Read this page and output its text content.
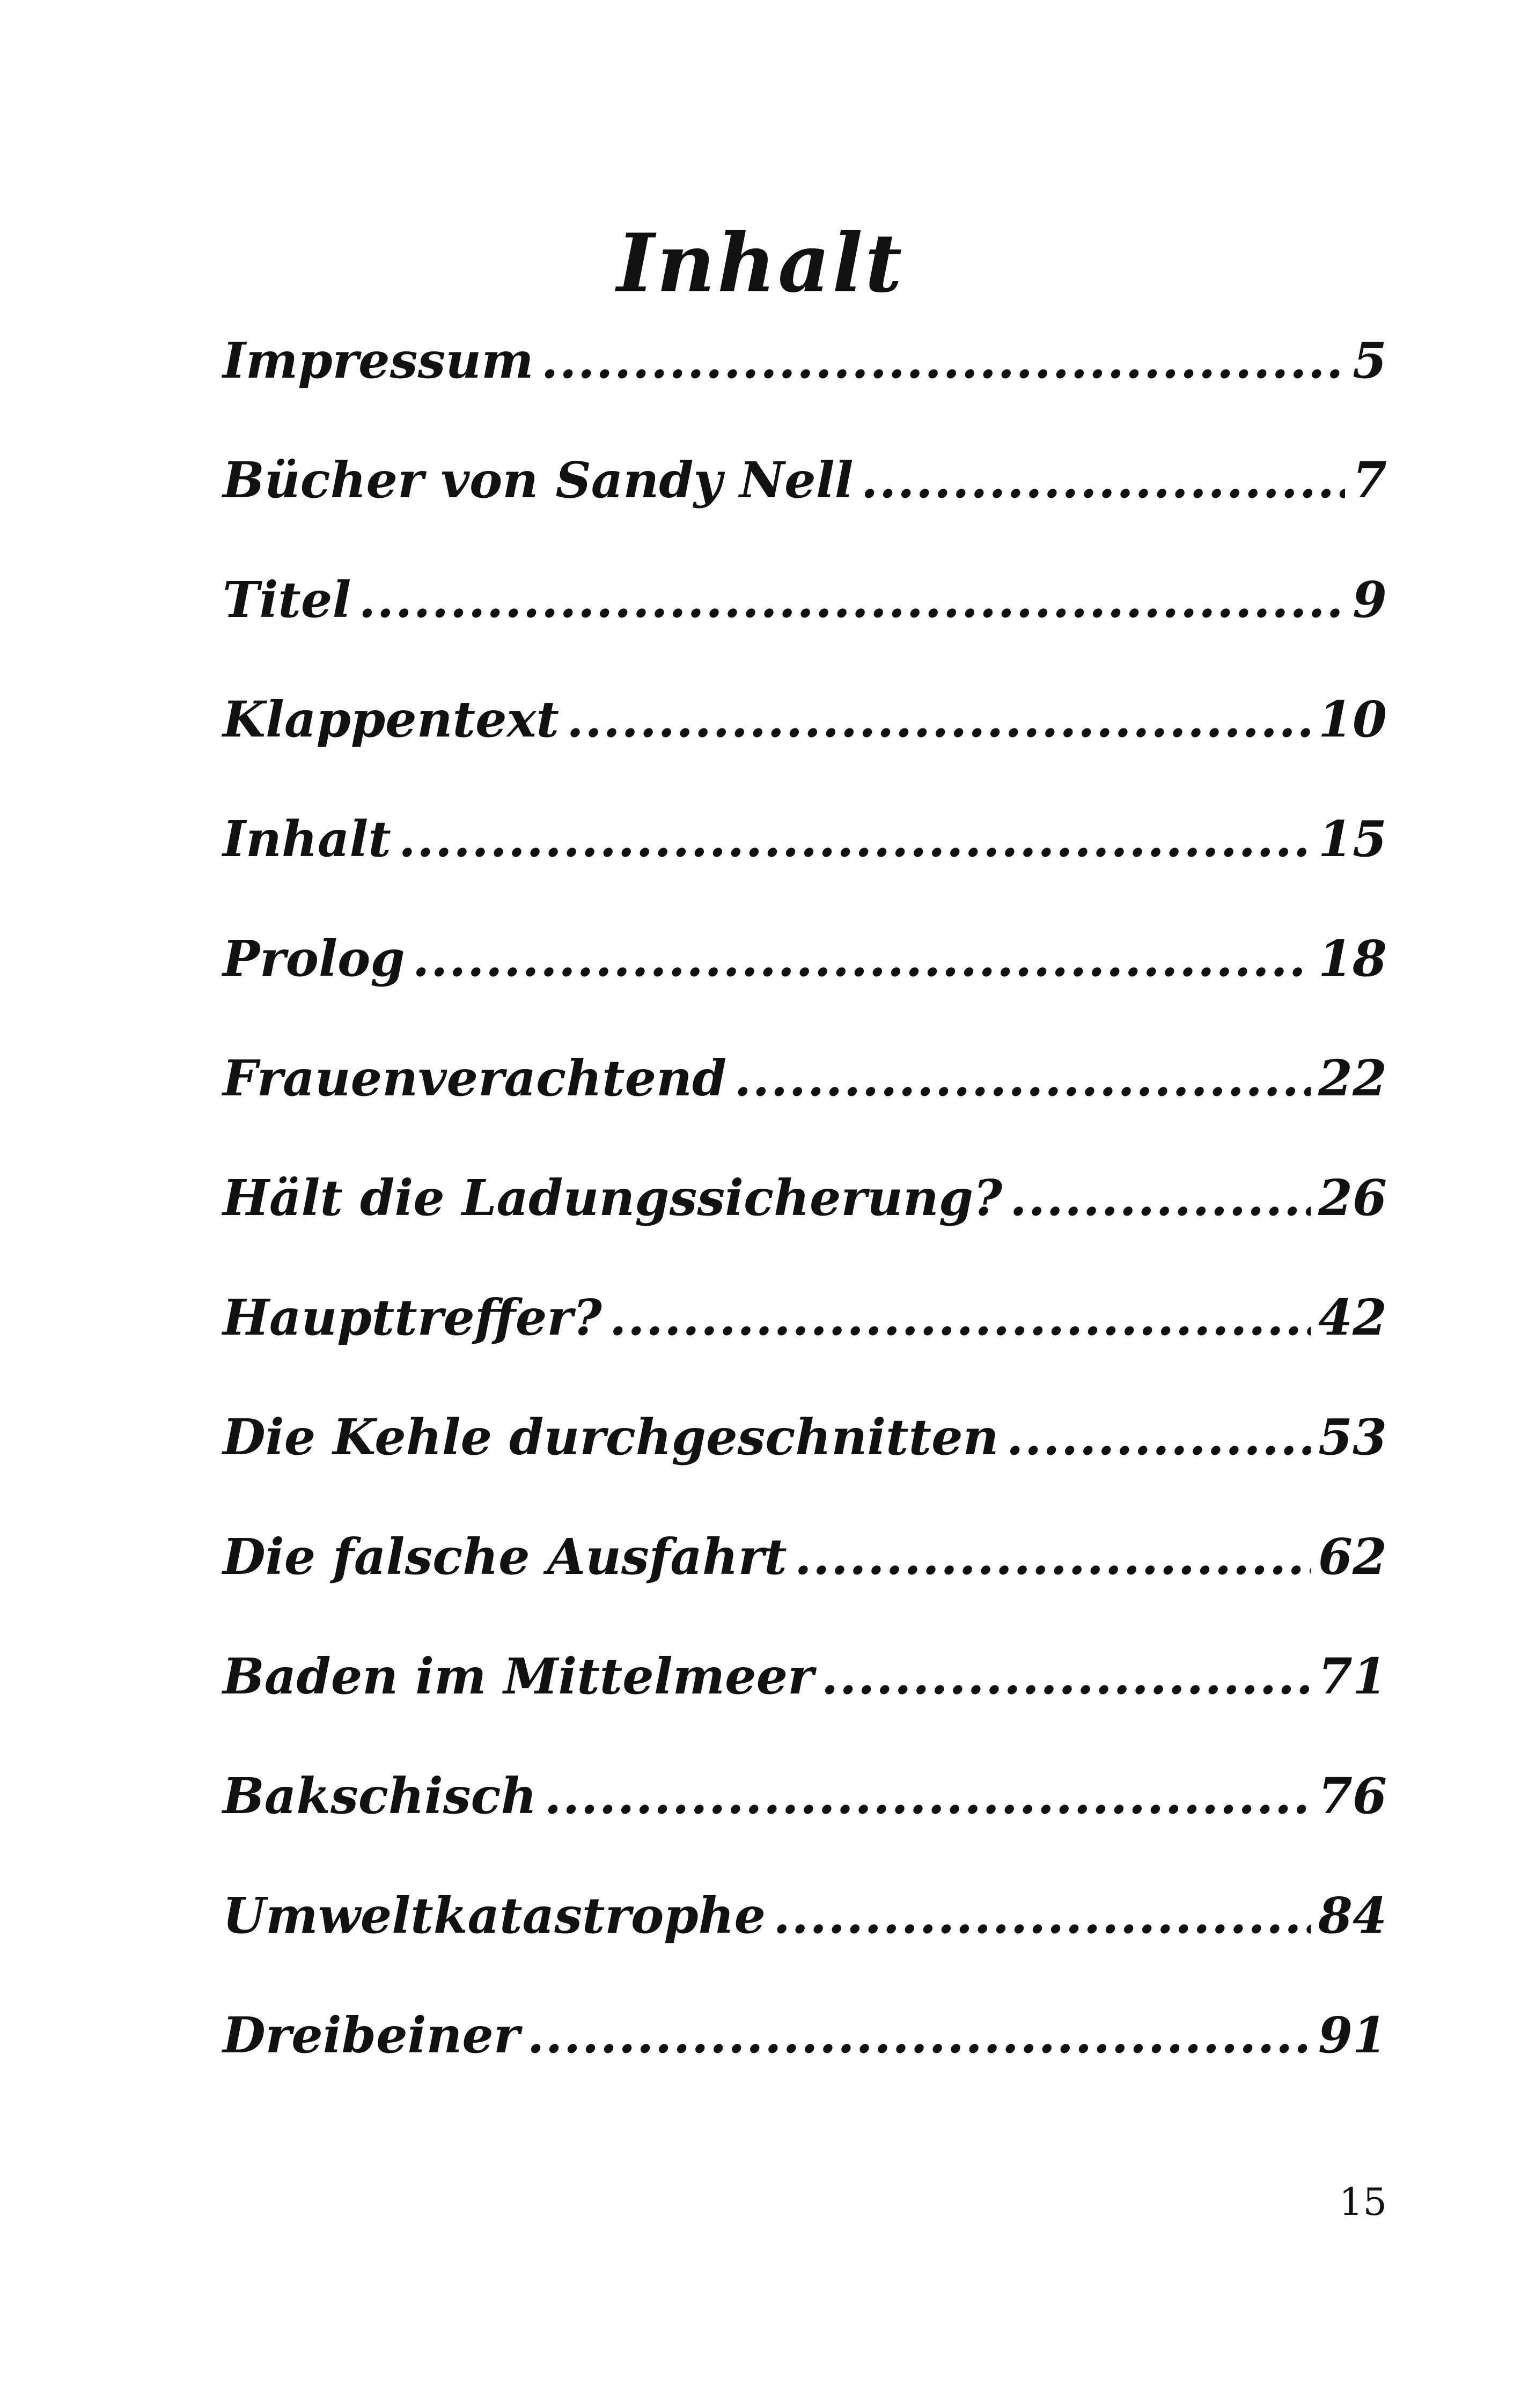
Inhalt
Impressum .....	5
Bücher von Sandy Nell .....	7
Titel .....	9
Klappentext .....	10
Inhalt .....	15
Prolog .....	18
Frauenverachtend .....	22
Hält die Ladungssicherung? .....	26
Haupttreffer? .....	42
Die Kehle durchgeschnitten .....	53
Die falsche Ausfahrt .....	62
Baden im Mittelmeer .....	71
Bakschisch .....	76
Umweltkatastrophe .....	84
Dreibeiner .....	91
15
